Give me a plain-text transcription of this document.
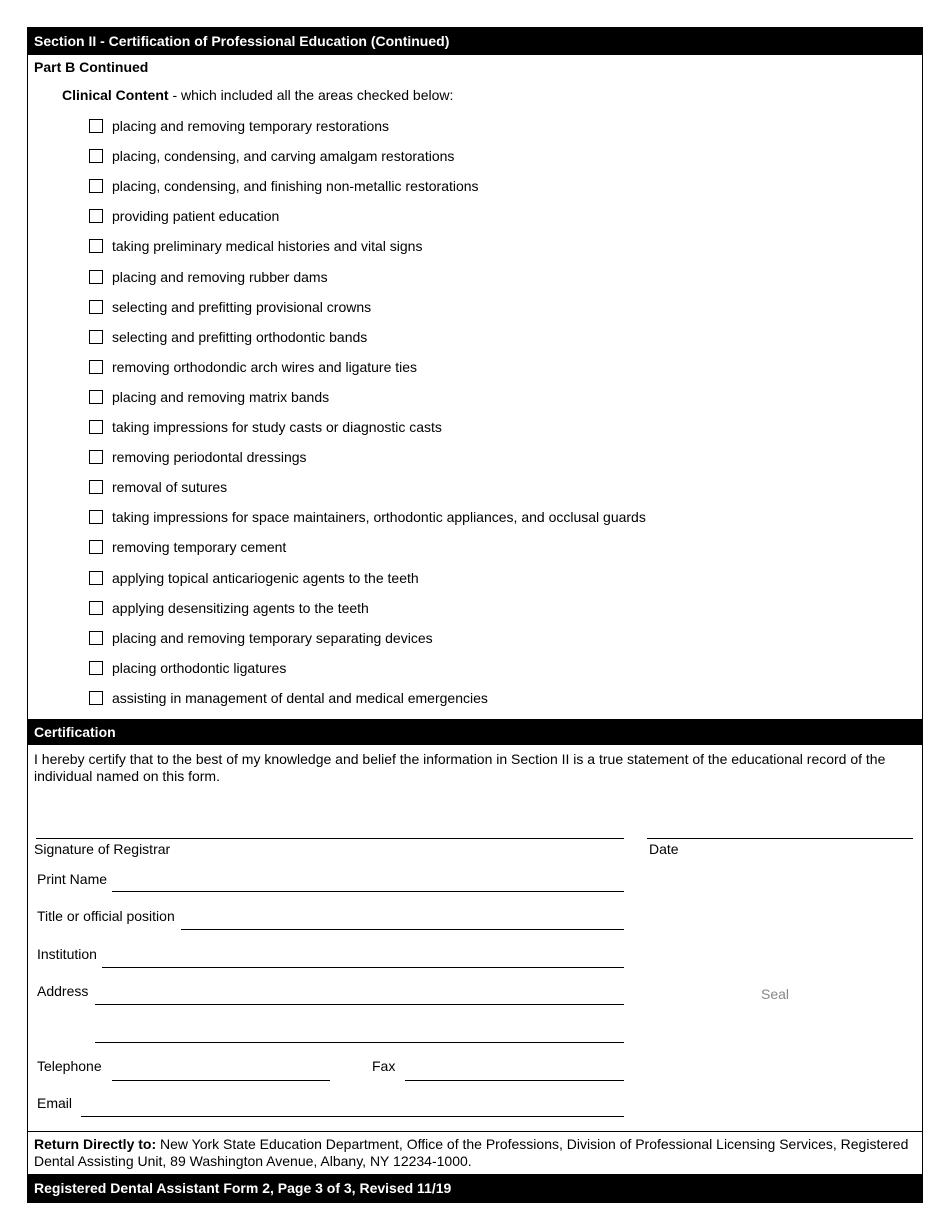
Section II - Certification of Professional Education (Continued)
Part B Continued
Clinical Content - which included all the areas checked below:
placing and removing temporary restorations
placing, condensing, and carving amalgam restorations
placing, condensing, and finishing non-metallic restorations
providing patient education
taking preliminary medical histories and vital signs
placing and removing rubber dams
selecting and prefitting provisional crowns
selecting and prefitting orthodontic bands
removing orthodondic arch wires and ligature ties
placing and removing matrix bands
taking impressions for study casts or diagnostic casts
removing periodontal dressings
removal of sutures
taking impressions for space maintainers, orthodontic appliances, and occlusal guards
removing temporary cement
applying topical anticariogenic agents to the teeth
applying desensitizing agents to the teeth
placing and removing temporary separating devices
placing orthodontic ligatures
assisting in management of dental and medical emergencies
Certification
I hereby certify that to the best of my knowledge and belief the information in Section II is a true statement of the educational record of the individual named on this form.
Signature of Registrar	Date
Print Name
Title or official position
Institution
Address	Seal
Telephone	Fax
Email
Return Directly to: New York State Education Department, Office of the Professions, Division of Professional Licensing Services, Registered Dental Assisting Unit, 89 Washington Avenue, Albany, NY 12234-1000.
Registered Dental Assistant Form 2, Page 3 of 3, Revised 11/19
